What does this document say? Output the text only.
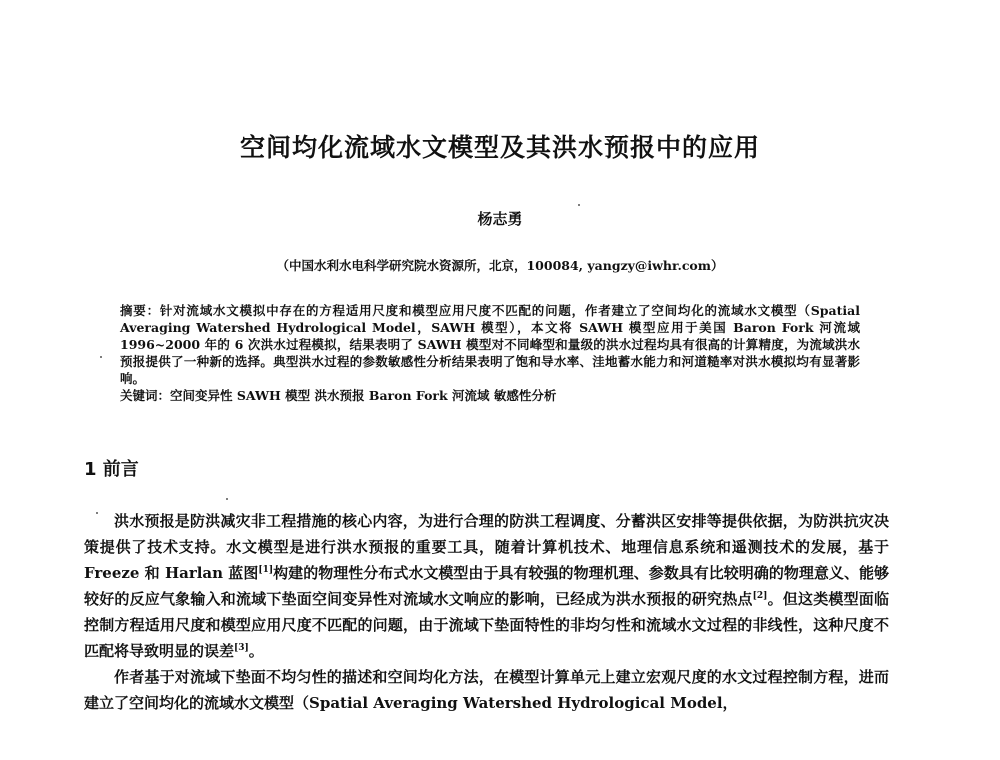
空间均化流域水文模型及其洪水预报中的应用
杨志勇
（中国水利水电科学研究院水资源所，北京，100084, yangzy@iwhr.com）

摘要：针对流域水文模拟中存在的方程适用尺度和模型应用尺度不匹配的问题，作者建立了空间均化的流域水文模型（Spatial Averaging Watershed Hydrological Model，SAWH 模型），本文将 SAWH 模型应用于美国 Baron Fork 河流域 1996~2000 年的 6 次洪水过程模拟，结果表明了 SAWH 模型对不同峰型和量级的洪水过程均具有很高的计算精度，为流域洪水预报提供了一种新的选择。典型洪水过程的参数敏感性分析结果表明了饱和导水率、洼地蓄水能力和河道糙率对洪水模拟均有显著影响。

关键词：空间变异性 SAWH 模型 洪水预报 Baron Fork 河流域 敏感性分析

1 前言

洪水预报是防洪减灾非工程措施的核心内容，为进行合理的防洪工程调度、分蓄洪区安排等提供依据，为防洪抗灾决策提供了技术支持。水文模型是进行洪水预报的重要工具，随着计算机技术、地理信息系统和遥测技术的发展，基于 Freeze 和 Harlan 蓝图[1]构建的物理性分布式水文模型由于具有较强的物理机理、参数具有比较明确的物理意义、能够较好的反应气象输入和流域下垫面空间变异性对流域水文响应的影响，已经成为洪水预报的研究热点[2]。但这类模型面临控制方程适用尺度和模型应用尺度不匹配的问题，由于流域下垫面特性的非均匀性和流域水文过程的非线性，这种尺度不匹配将导致明显的误差[3]。

作者基于对流域下垫面不均匀性的描述和空间均化方法，在模型计算单元上建立宏观尺度的水文过程控制方程，进而建立了空间均化的流域水文模型（Spatial Averaging Watershed Hydrological Model，
